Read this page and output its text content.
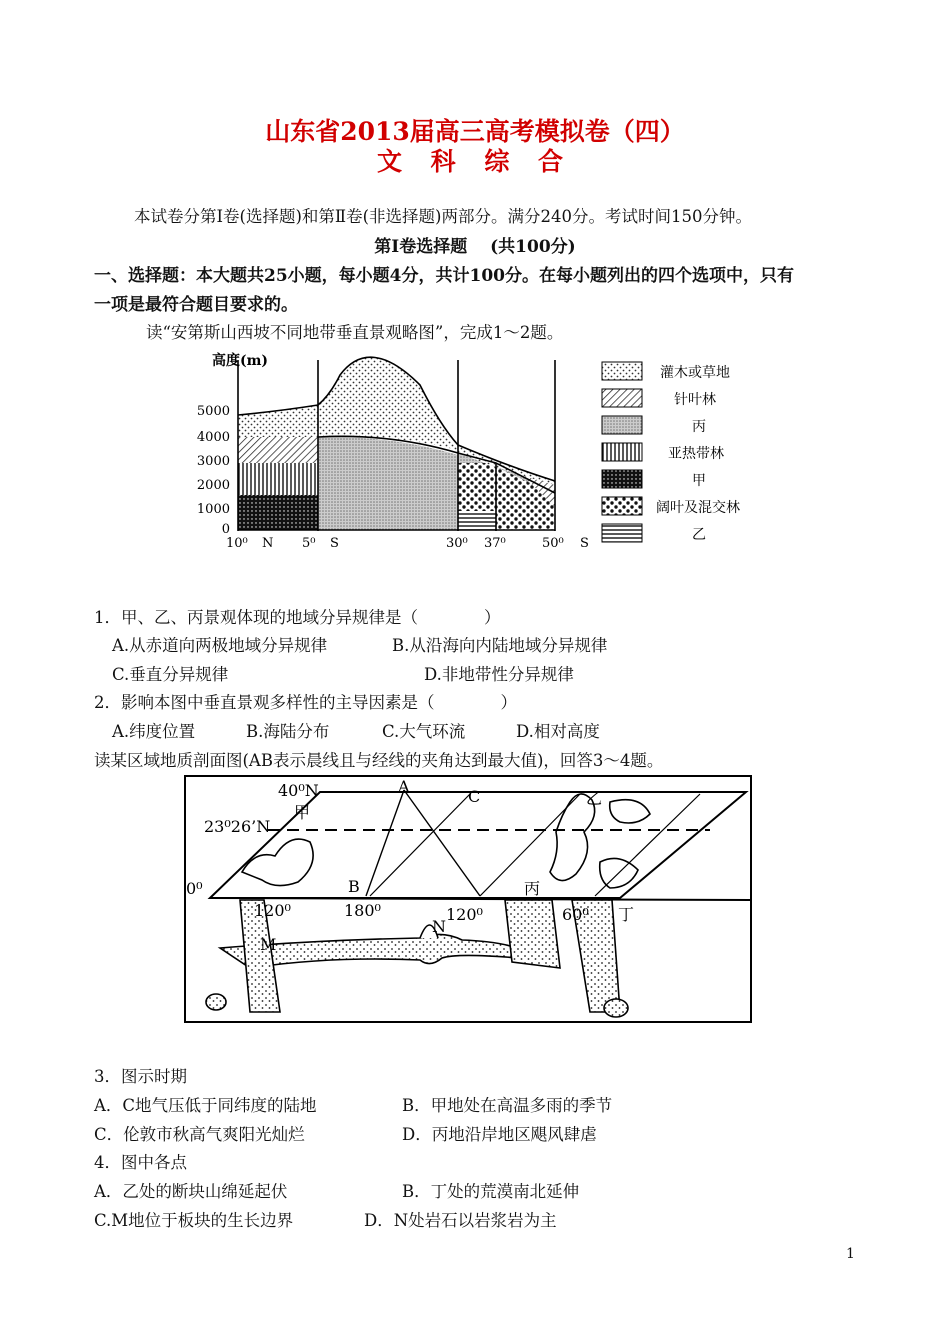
山东省2013届高三高考模拟卷（四）
文 科 综 合
本试卷分第Ⅰ卷(选择题)和第Ⅱ卷(非选择题)两部分。满分240分。考试时间150分钟。
第Ⅰ卷选择题　 (共100分)
一、选择题：本大题共25小题，每小题4分，共计100分。在每小题列出的四个选项中，只有
一项是最符合题目要求的。
读“安第斯山西坡不同地带垂直景观略图”，完成1～2题。
高度(m)
5000
4000
3000
2000
1000
0
10⁰ N 5⁰ S	30⁰ 37⁰	50⁰ S
灌木或草地
针叶林
丙
亚热带林
甲
阔叶及混交林
乙
1．甲、乙、丙景观体现的地域分异规律是（　　　　）
A.从赤道向两极地域分异规律	B.从沿海向内陆地域分异规律
C.垂直分异规律	D.非地带性分异规律
2．影响本图中垂直景观多样性的主导因素是（　　　　）
A.纬度位置	B.海陆分布	C.大气环流	D.相对高度
读某区域地质剖面图(AB表示晨线且与经线的夹角达到最大值)，回答3～4题。
40⁰N
甲
23⁰26’N
0⁰
A
C	乙
B
120⁰	180⁰	120⁰
丙
60⁰ 丁
M
N
3．图示时期
A．C地气压低于同纬度的陆地	B．甲地处在高温多雨的季节
C．伦敦市秋高气爽阳光灿烂	D．丙地沿岸地区飓风肆虐
4．图中各点
A．乙处的断块山绵延起伏	B．丁处的荒漠南北延伸
C.M地位于板块的生长边界	D．N处岩石以岩浆岩为主
1
